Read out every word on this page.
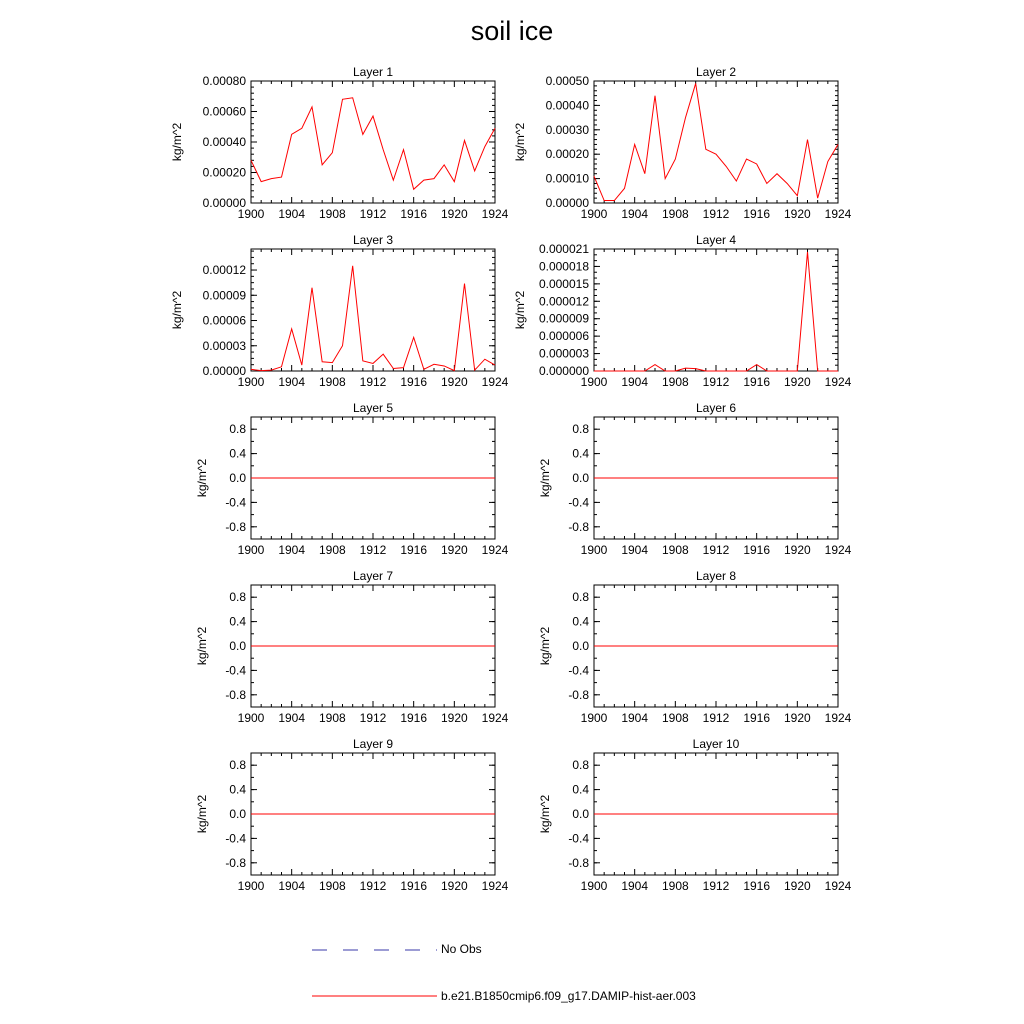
soil ice
Layer 1
kg/m^2
1900 1904 1908 1912 1916 1920 1924
0.00000
0.00020
0.00040
0.00060
0.00080
Layer 2
kg/m^2
1900 1904 1908 1912 1916 1920 1924
0.00000
0.00010
0.00020
0.00030
0.00040
0.00050
Layer 3
kg/m^2
1900 1904 1908 1912 1916 1920 1924
0.00000
0.00003
0.00006
0.00009
0.00012
Layer 4
kg/m^2
1900 1904 1908 1912 1916 1920 1924
0.000000
0.000003
0.000006
0.000009
0.000012
0.000015
0.000018
0.000021
Layer 5
kg/m^2
1900 1904 1908 1912 1916 1920 1924
-0.8
-0.4
0.0
0.4
0.8
Layer 6
kg/m^2
1900 1904 1908 1912 1916 1920 1924
-0.8
-0.4
0.0
0.4
0.8
Layer 7
kg/m^2
1900 1904 1908 1912 1916 1920 1924
-0.8
-0.4
0.0
0.4
0.8
Layer 8
kg/m^2
1900 1904 1908 1912 1916 1920 1924
-0.8
-0.4
0.0
0.4
0.8
Layer 9
kg/m^2
1900 1904 1908 1912 1916 1920 1924
-0.8
-0.4
0.0
0.4
0.8
Layer 10
kg/m^2
1900 1904 1908 1912 1916 1920 1924
-0.8
-0.4
0.0
0.4
0.8
No Obs
b.e21.B1850cmip6.f09_g17.DAMIP-hist-aer.003
